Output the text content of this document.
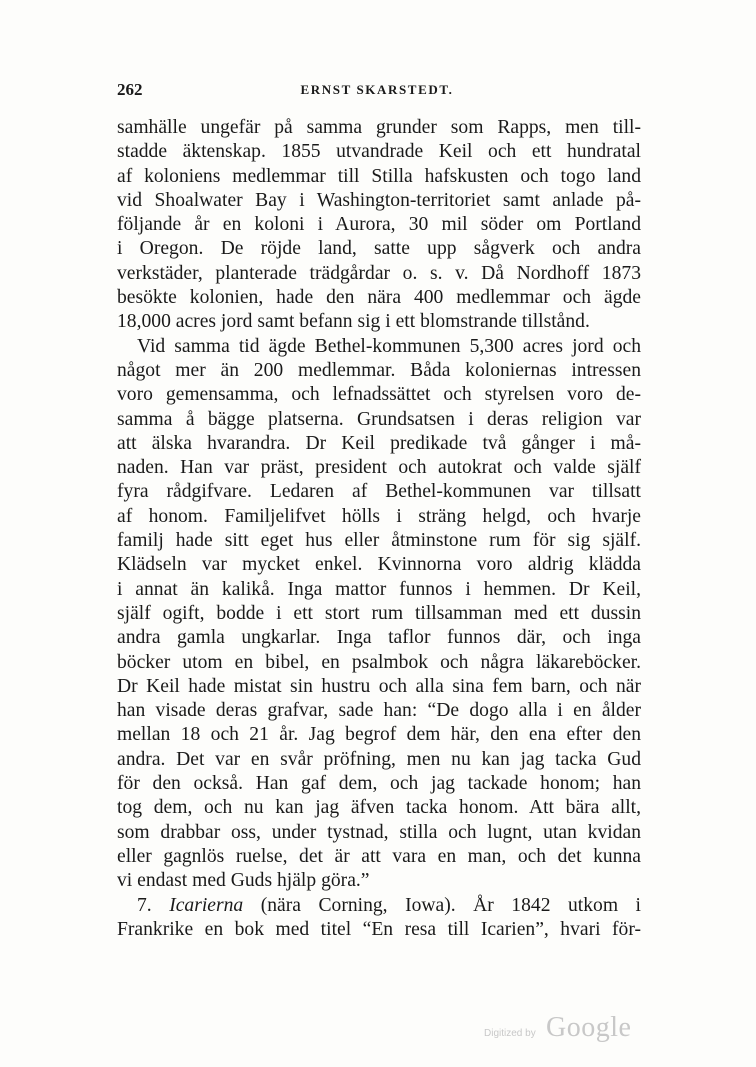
262	ERNST SKARSTEDT.
samhälle ungefär på samma grunder som Rapps, men till-
stadde äktenskap. 1855 utvandrade Keil och ett hundratal
af koloniens medlemmar till Stilla hafskusten och togo land
vid Shoalwater Bay i Washington-territoriet samt anlade på-
följande år en koloni i Aurora, 30 mil söder om Portland
i Oregon. De röjde land, satte upp sågverk och andra
verkstäder, planterade trädgårdar o. s. v. Då Nordhoff 1873
besökte kolonien, hade den nära 400 medlemmar och ägde
18,000 acres jord samt befann sig i ett blomstrande tillstånd.
Vid samma tid ägde Bethel-kommunen 5,300 acres jord och
något mer än 200 medlemmar. Båda koloniernas intressen
voro gemensamma, och lefnadssättet och styrelsen voro de-
samma å bägge platserna. Grundsatsen i deras religion var
att älska hvarandra. Dr Keil predikade två gånger i må-
naden. Han var präst, president och autokrat och valde själf
fyra rådgifvare. Ledaren af Bethel-kommunen var tillsatt
af honom. Familjelifvet hölls i sträng helgd, och hvarje
familj hade sitt eget hus eller åtminstone rum för sig själf.
Klädseln var mycket enkel. Kvinnorna voro aldrig klädda
i annat än kalikå. Inga mattor funnos i hemmen. Dr Keil,
själf ogift, bodde i ett stort rum tillsamman med ett dussin
andra gamla ungkarlar. Inga taflor funnos där, och inga
böcker utom en bibel, en psalmbok och några läkareböcker.
Dr Keil hade mistat sin hustru och alla sina fem barn, och när
han visade deras grafvar, sade han: “De dogo alla i en ålder
mellan 18 och 21 år. Jag begrof dem här, den ena efter den
andra. Det var en svår pröfning, men nu kan jag tacka Gud
för den också. Han gaf dem, och jag tackade honom; han
tog dem, och nu kan jag äfven tacka honom. Att bära allt,
som drabbar oss, under tystnad, stilla och lugnt, utan kvidan
eller gagnlös ruelse, det är att vara en man, och det kunna
vi endast med Guds hjälp göra.”
7. Icarierna (nära Corning, Iowa). År 1842 utkom i
Frankrike en bok med titel “En resa till Icarien”, hvari för-
Digitized by Google
